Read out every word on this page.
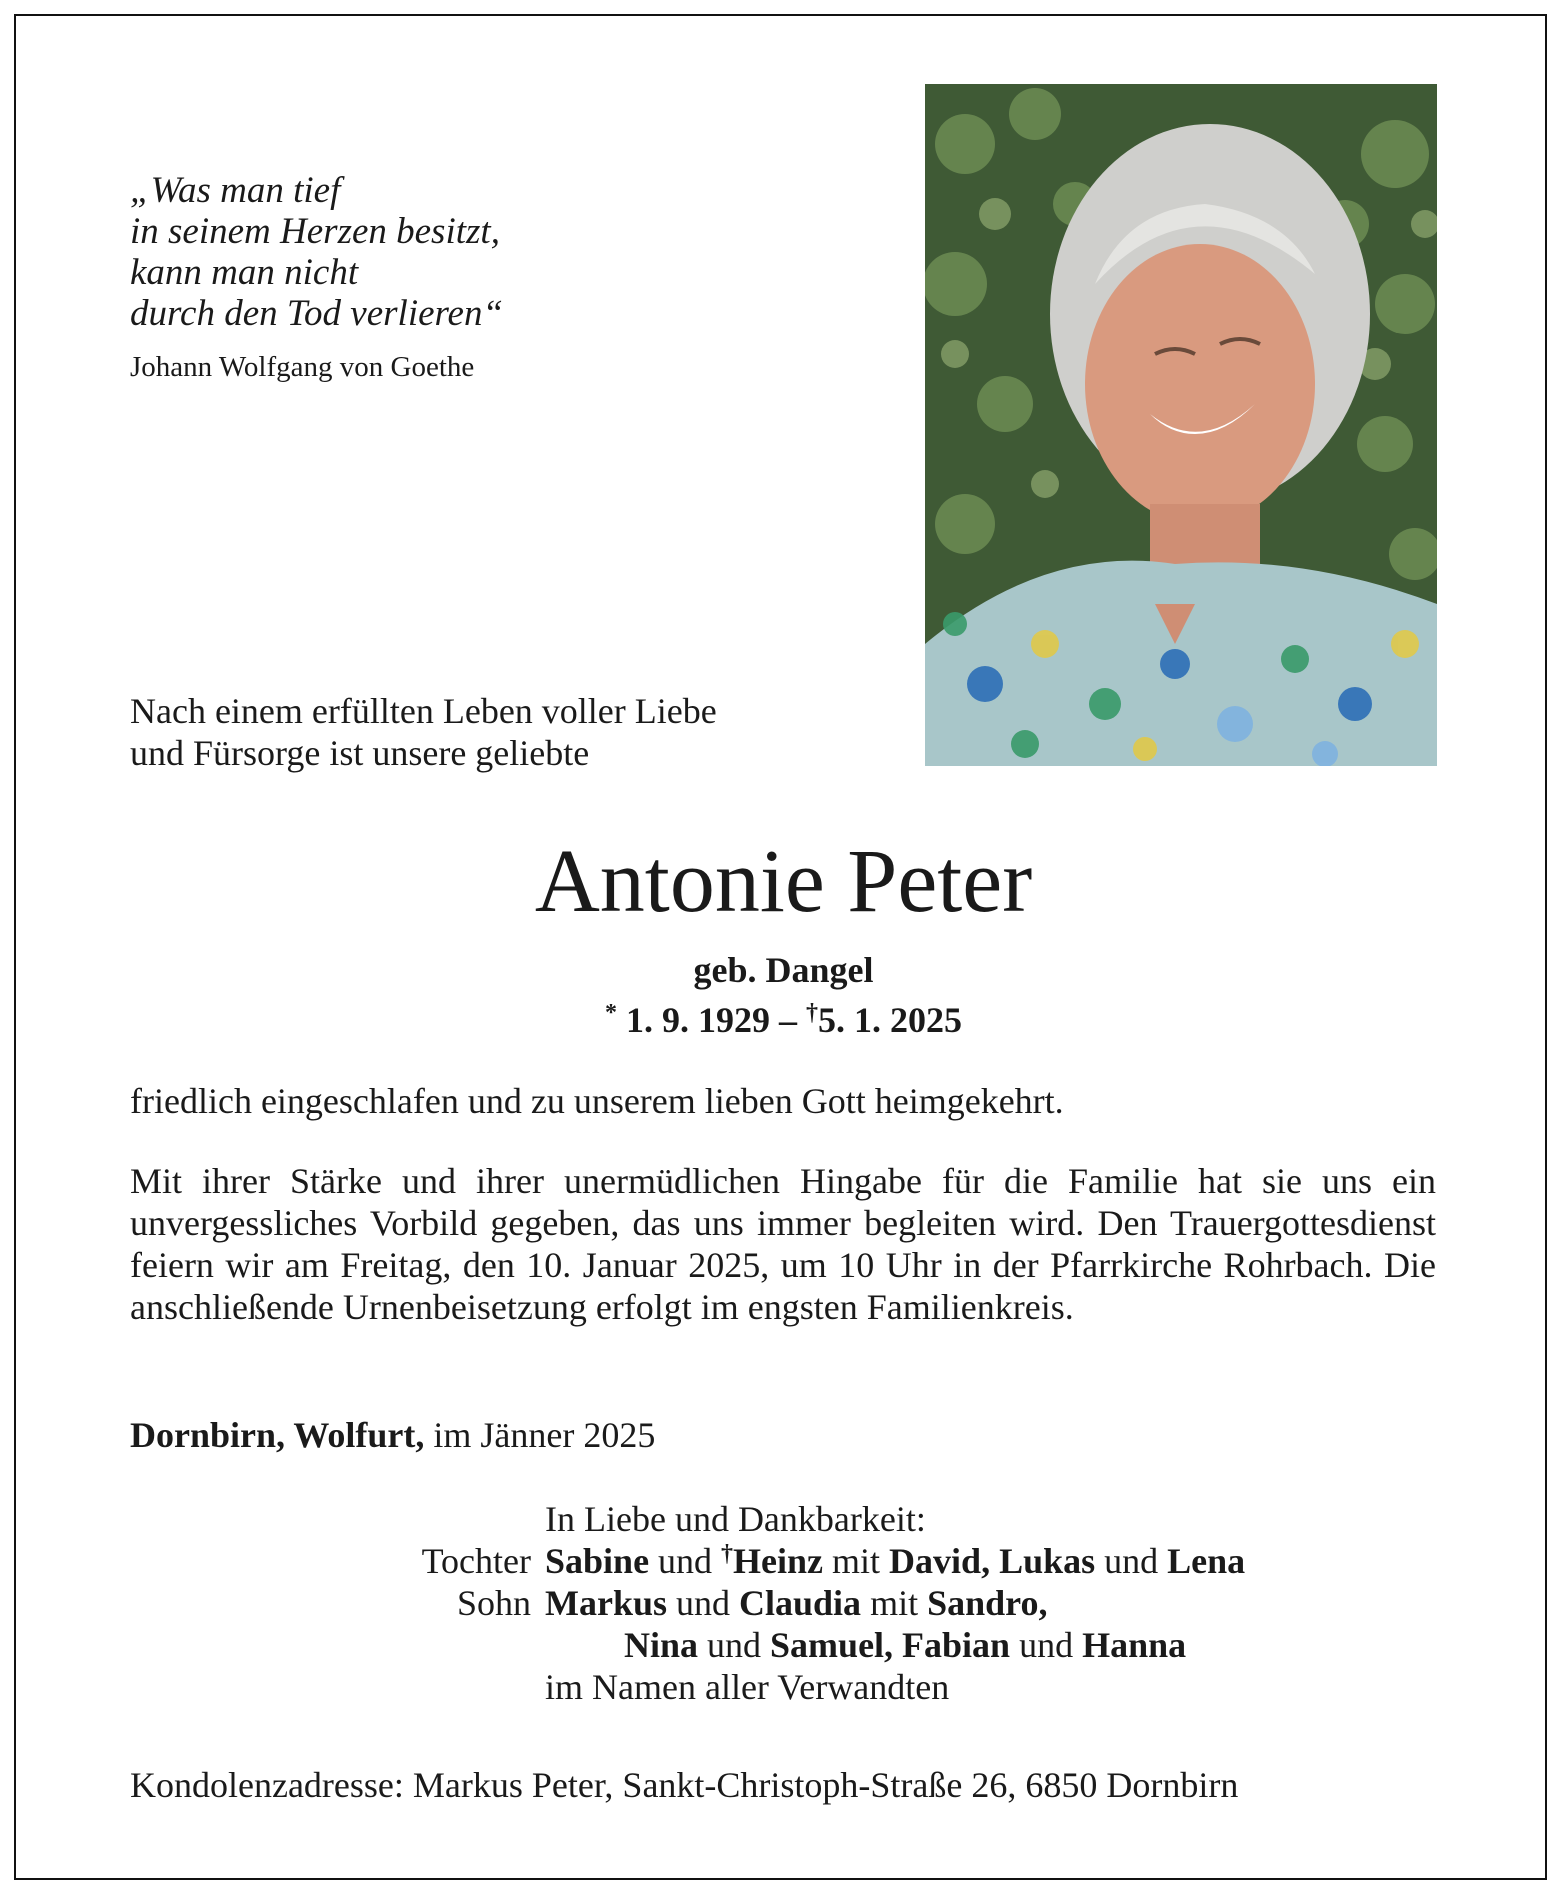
„Was man tief
in seinem Herzen besitzt,
kann man nicht
durch den Tod verlieren“
Johann Wolfgang von Goethe
Nach einem erfüllten Leben voller Liebe
und Fürsorge ist unsere geliebte
Antonie Peter
geb. Dangel
* 1. 9. 1929 – †5. 1. 2025
friedlich eingeschlafen und zu unserem lieben Gott heimgekehrt.
Mit ihrer Stärke und ihrer unermüdlichen Hingabe für die Familie hat sie uns ein unvergessliches Vorbild gegeben, das uns immer begleiten wird. Den Trauergottesdienst feiern wir am Freitag, den 10. Januar 2025, um 10 Uhr in der Pfarrkirche Rohrbach. Die anschließende Urnenbeisetzung erfolgt im engsten Familienkreis.
Dornbirn, Wolfurt, im Jänner 2025
In Liebe und Dankbarkeit:
Tochter Sabine und †Heinz mit David, Lukas und Lena
Sohn Markus und Claudia mit Sandro,
Nina und Samuel, Fabian und Hanna
im Namen aller Verwandten
Kondolenzadresse: Markus Peter, Sankt-Christoph-Straße 26, 6850 Dornbirn
